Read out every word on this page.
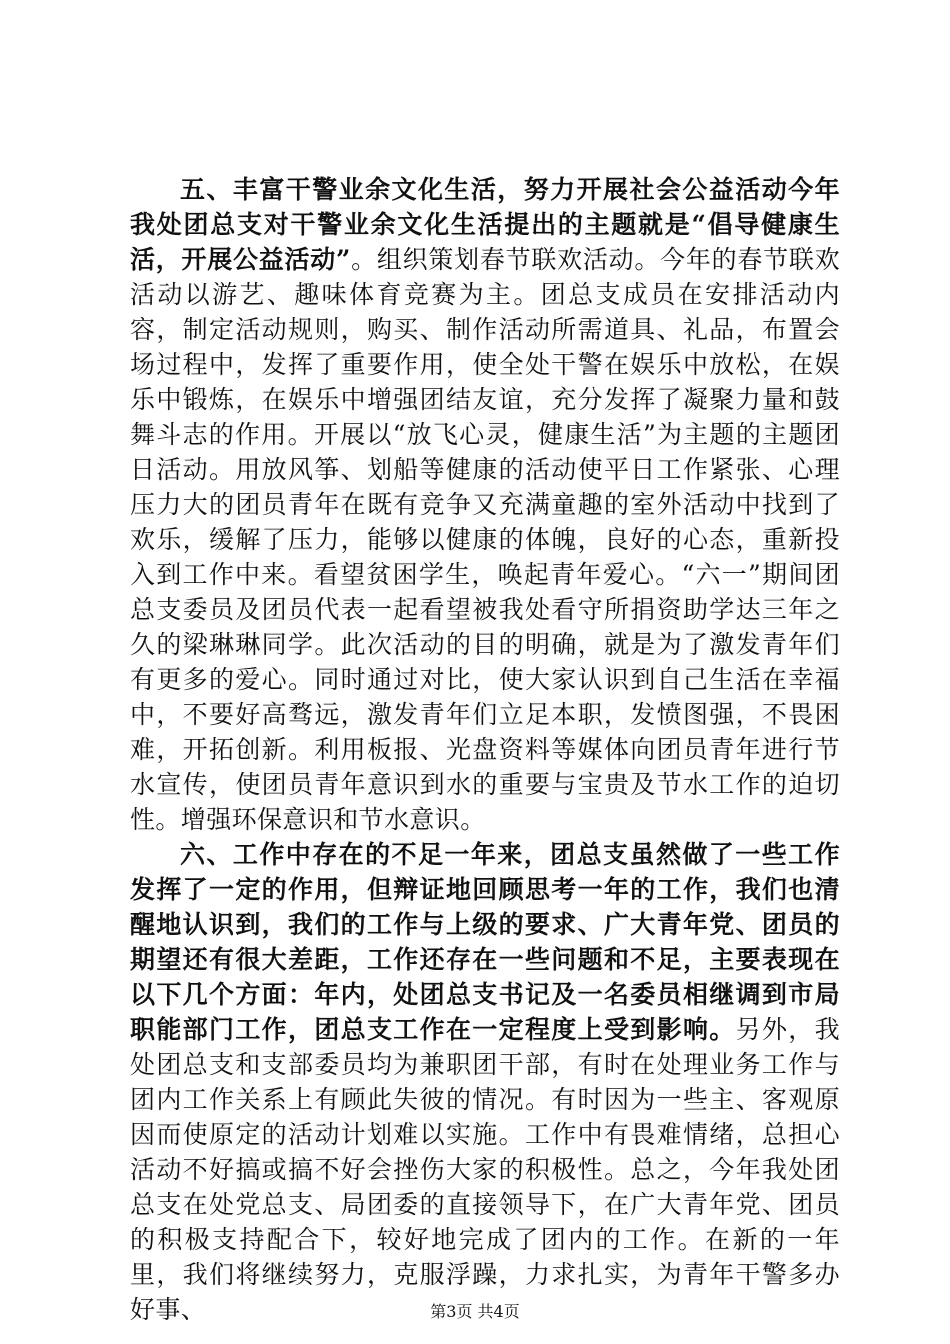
五、丰富干警业余文化生活，努力开展社会公益活动今年我处团总支对干警业余文化生活提出的主题就是“倡导健康生活，开展公益活动”。组织策划春节联欢活动。今年的春节联欢活动以游艺、趣味体育竞赛为主。团总支成员在安排活动内容，制定活动规则，购买、制作活动所需道具、礼品，布置会场过程中，发挥了重要作用，使全处干警在娱乐中放松，在娱乐中锻炼，在娱乐中增强团结友谊，充分发挥了凝聚力量和鼓舞斗志的作用。开展以“放飞心灵，健康生活”为主题的主题团日活动。用放风筝、划船等健康的活动使平日工作紧张、心理压力大的团员青年在既有竞争又充满童趣的室外活动中找到了欢乐，缓解了压力，能够以健康的体魄，良好的心态，重新投入到工作中来。看望贫困学生，唤起青年爱心。“六一”期间团总支委员及团员代表一起看望被我处看守所捐资助学达三年之久的梁琳琳同学。此次活动的目的明确，就是为了激发青年们有更多的爱心。同时通过对比，使大家认识到自己生活在幸福中，不要好高骛远，激发青年们立足本职，发愤图强，不畏困难，开拓创新。利用板报、光盘资料等媒体向团员青年进行节水宣传，使团员青年意识到水的重要与宝贵及节水工作的迫切性。增强环保意识和节水意识。

六、工作中存在的不足一年来，团总支虽然做了一些工作发挥了一定的作用，但辩证地回顾思考一年的工作，我们也清醒地认识到，我们的工作与上级的要求、广大青年党、团员的期望还有很大差距，工作还存在一些问题和不足，主要表现在以下几个方面：年内，处团总支书记及一名委员相继调到市局职能部门工作，团总支工作在一定程度上受到影响。另外，我处团总支和支部委员均为兼职团干部，有时在处理业务工作与团内工作关系上有顾此失彼的情况。有时因为一些主、客观原因而使原定的活动计划难以实施。工作中有畏难情绪，总担心活动不好搞或搞不好会挫伤大家的积极性。总之，今年我处团总支在处党总支、局团委的直接领导下，在广大青年党、团员的积极支持配合下，较好地完成了团内的工作。在新的一年里，我们将继续努力，克服浮躁，力求扎实，为青年干警多办好事、	第3页 共4页
